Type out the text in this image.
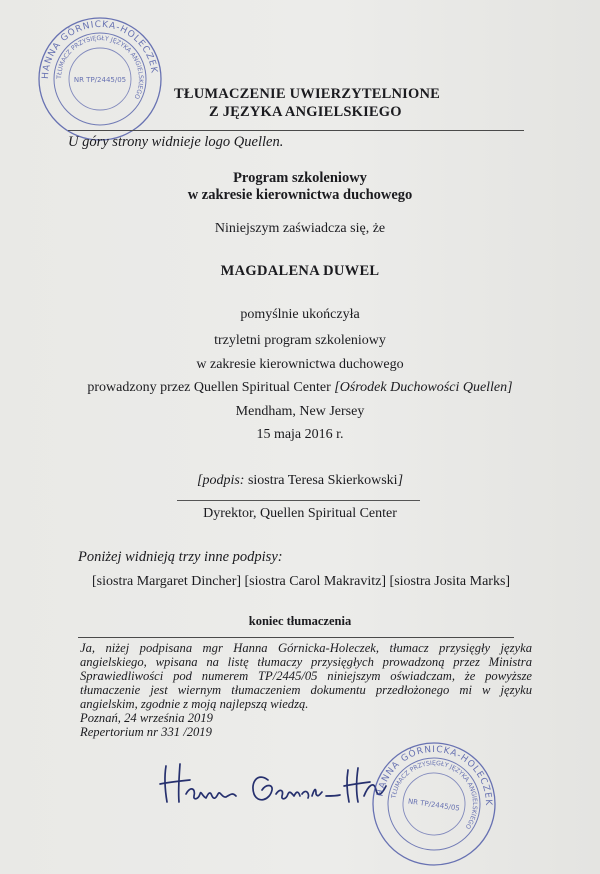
HANNA GÓRNICKA-HOLECZEK
TŁUMACZ PRZYSIĘGŁY JĘZYKA ANGIELSKIEGO
NR TP/2445/05
TŁUMACZENIE UWIERZYTELNIONE
Z JĘZYKA ANGIELSKIEGO
U góry strony widnieje logo Quellen.
Program szkoleniowy
w zakresie kierownictwa duchowego
Niniejszym zaświadcza się, że
MAGDALENA DUWEL
pomyślnie ukończyła
trzyletni program szkoleniowy
w zakresie kierownictwa duchowego
prowadzony przez Quellen Spiritual Center [Ośrodek Duchowości Quellen]
Mendham, New Jersey
15 maja 2016 r.
[podpis: siostra Teresa Skierkowski]
Dyrektor, Quellen Spiritual Center
Poniżej widnieją trzy inne podpisy:
[siostra Margaret Dincher] [siostra Carol Makravitz] [siostra Josita Marks]
koniec tłumaczenia

Ja, niżej podpisana mgr Hanna Górnicka-Holeczek, tłumacz przysięgły języka angielskiego, wpisana na listę tłumaczy przysięgłych prowadzoną przez Ministra Sprawiedliwości pod numerem TP/2445/05 niniejszym oświadczam, że powyższe tłumaczenie jest wiernym tłumaczeniem dokumentu przedłożonego mi w języku angielskim, zgodnie z moją najlepszą wiedzą.

Poznań, 24 września 2019

Repertorium nr 331 /2019

HANNA GÓRNICKA-HOLECZEK
TŁUMACZ PRZYSIĘGŁY JĘZYKA ANGIELSKIEGO
NR TP/2445/05
